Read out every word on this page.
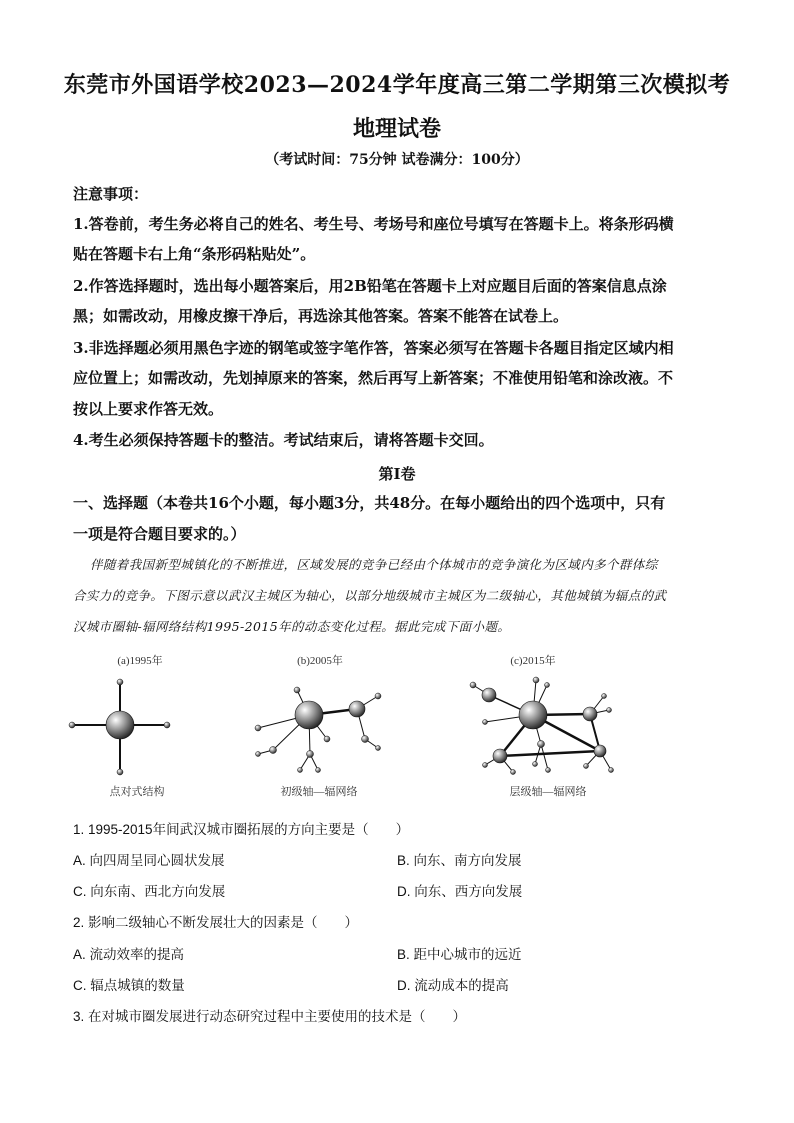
东莞市外国语学校2023—2024学年度高三第二学期第三次模拟考
地理试卷
（考试时间：75分钟 试卷满分：100分）
注意事项：
1.答卷前，考生务必将自己的姓名、考生号、考场号和座位号填写在答题卡上。将条形码横
贴在答题卡右上角“条形码粘贴处”。
2.作答选择题时，选出每小题答案后，用2B铅笔在答题卡上对应题目后面的答案信息点涂
黑；如需改动，用橡皮擦干净后，再选涂其他答案。答案不能答在试卷上。
3.非选择题必须用黑色字迹的钢笔或签字笔作答，答案必须写在答题卡各题目指定区域内相
应位置上；如需改动，先划掉原来的答案，然后再写上新答案；不准使用铅笔和涂改液。不
按以上要求作答无效。
4.考生必须保持答题卡的整洁。考试结束后，请将答题卡交回。
第Ⅰ卷
一、选择题（本卷共16个小题，每小题3分，共48分。在每小题给出的四个选项中，只有
一项是符合题目要求的。）
伴随着我国新型城镇化的不断推进，区域发展的竞争已经由个体城市的竞争演化为区域内多个群体综
合实力的竞争。下图示意以武汉主城区为轴心，以部分地级城市主城区为二级轴心，其他城镇为辐点的武
汉城市圈轴-辐网络结构1995-2015年的动态变化过程。据此完成下面小题。
(a)1995年
点对式结构
(b)2005年
初级轴—辐网络
(c)2015年
层级轴—辐网络
1. 1995-2015年间武汉城市圈拓展的方向主要是（　　）
A. 向四周呈同心圆状发展	B. 向东、南方向发展
C. 向东南、西北方向发展	D. 向东、西方向发展
2. 影响二级轴心不断发展壮大的因素是（　　）
A. 流动效率的提高	B. 距中心城市的远近
C. 辐点城镇的数量	D. 流动成本的提高
3. 在对城市圈发展进行动态研究过程中主要使用的技术是（　　）
